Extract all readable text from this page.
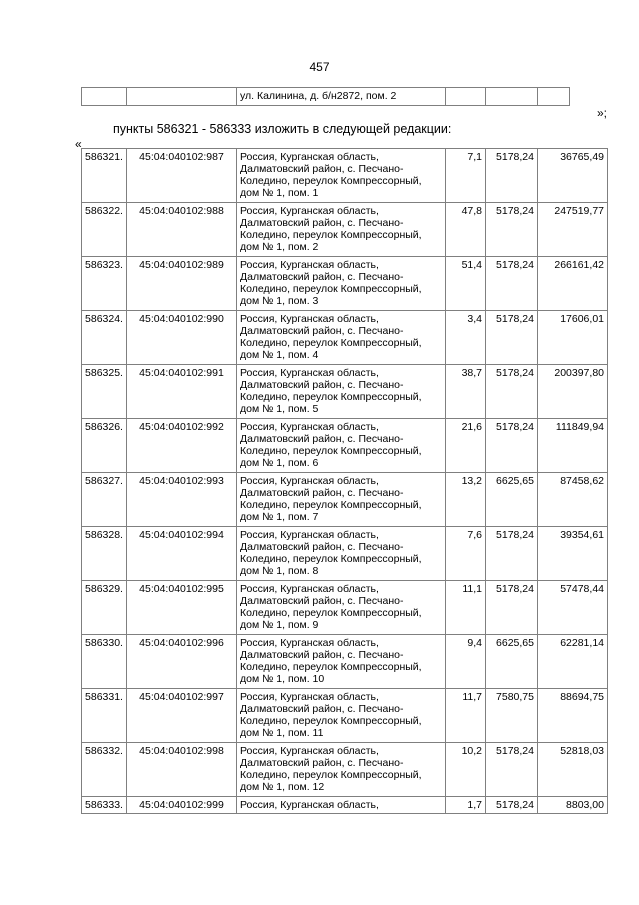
457
		ул. Калинина, д. б/н2872, пом. 2			
»;
пункты 586321 - 586333 изложить в следующей редакции:
«
586321.	45:04:040102:987	Россия, Курганская область, Далматовский район, с. Песчано-Коледино, переулок Компрессорный, дом № 1, пом. 1	7,1	5178,24	36765,49
586322.	45:04:040102:988	Россия, Курганская область, Далматовский район, с. Песчано-Коледино, переулок Компрессорный, дом № 1, пом. 2	47,8	5178,24	247519,77
586323.	45:04:040102:989	Россия, Курганская область, Далматовский район, с. Песчано-Коледино, переулок Компрессорный, дом № 1, пом. 3	51,4	5178,24	266161,42
586324.	45:04:040102:990	Россия, Курганская область, Далматовский район, с. Песчано-Коледино, переулок Компрессорный, дом № 1, пом. 4	3,4	5178,24	17606,01
586325.	45:04:040102:991	Россия, Курганская область, Далматовский район, с. Песчано-Коледино, переулок Компрессорный, дом № 1, пом. 5	38,7	5178,24	200397,80
586326.	45:04:040102:992	Россия, Курганская область, Далматовский район, с. Песчано-Коледино, переулок Компрессорный, дом № 1, пом. 6	21,6	5178,24	111849,94
586327.	45:04:040102:993	Россия, Курганская область, Далматовский район, с. Песчано-Коледино, переулок Компрессорный, дом № 1, пом. 7	13,2	6625,65	87458,62
586328.	45:04:040102:994	Россия, Курганская область, Далматовский район, с. Песчано-Коледино, переулок Компрессорный, дом № 1, пом. 8	7,6	5178,24	39354,61
586329.	45:04:040102:995	Россия, Курганская область, Далматовский район, с. Песчано-Коледино, переулок Компрессорный, дом № 1, пом. 9	11,1	5178,24	57478,44
586330.	45:04:040102:996	Россия, Курганская область, Далматовский район, с. Песчано-Коледино, переулок Компрессорный, дом № 1, пом. 10	9,4	6625,65	62281,14
586331.	45:04:040102:997	Россия, Курганская область, Далматовский район, с. Песчано-Коледино, переулок Компрессорный, дом № 1, пом. 11	11,7	7580,75	88694,75
586332.	45:04:040102:998	Россия, Курганская область, Далматовский район, с. Песчано-Коледино, переулок Компрессорный, дом № 1, пом. 12	10,2	5178,24	52818,03
586333.	45:04:040102:999	Россия, Курганская область,	1,7	5178,24	8803,00
